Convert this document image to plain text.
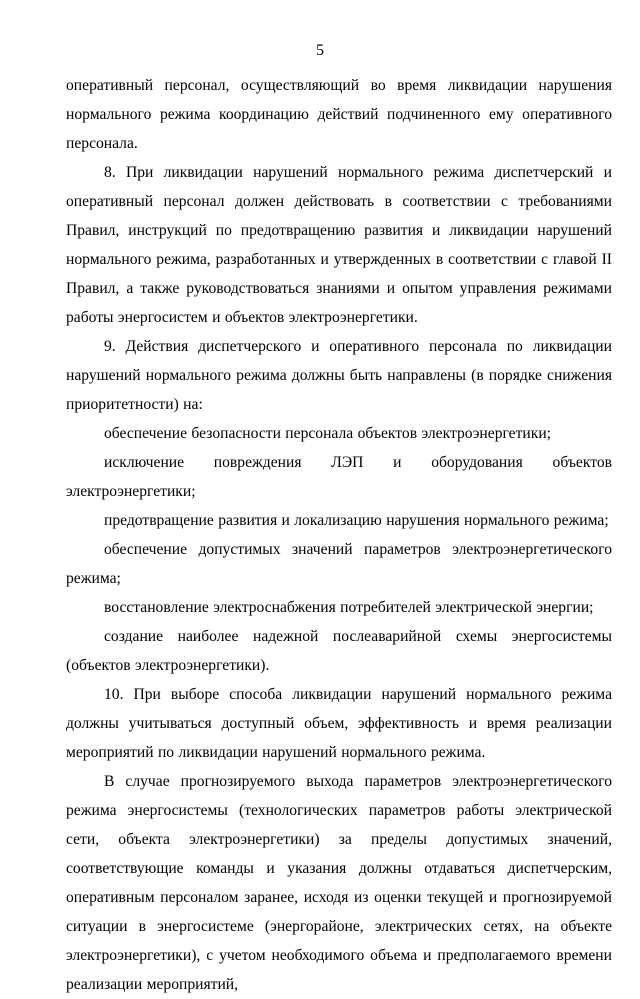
5

оперативный персонал, осуществляющий во время ликвидации нарушения нормального режима координацию действий подчиненного ему оперативного персонала.

8. При ликвидации нарушений нормального режима диспетчерский и оперативный персонал должен действовать в соответствии с требованиями Правил, инструкций по предотвращению развития и ликвидации нарушений нормального режима, разработанных и утвержденных в соответствии с главой II Правил, а также руководствоваться знаниями и опытом управления режимами работы энергосистем и объектов электроэнергетики.

9. Действия диспетчерского и оперативного персонала по ликвидации нарушений нормального режима должны быть направлены (в порядке снижения приоритетности) на:

обеспечение безопасности персонала объектов электроэнергетики;

исключение повреждения ЛЭП и оборудования объектов электроэнергетики;

предотвращение развития и локализацию нарушения нормального режима;

обеспечение допустимых значений параметров электроэнергетического режима;

восстановление электроснабжения потребителей электрической энергии;

создание наиболее надежной послеаварийной схемы энергосистемы (объектов электроэнергетики).

10. При выборе способа ликвидации нарушений нормального режима должны учитываться доступный объем, эффективность и время реализации мероприятий по ликвидации нарушений нормального режима.

В случае прогнозируемого выхода параметров электроэнергетического режима энергосистемы (технологических параметров работы электрической сети, объекта электроэнергетики) за пределы допустимых значений, соответствующие команды и указания должны отдаваться диспетчерским, оперативным персоналом заранее, исходя из оценки текущей и прогнозируемой ситуации в энергосистеме (энергорайоне, электрических сетях, на объекте электроэнергетики), с учетом необходимого объема и предполагаемого времени реализации мероприятий,
